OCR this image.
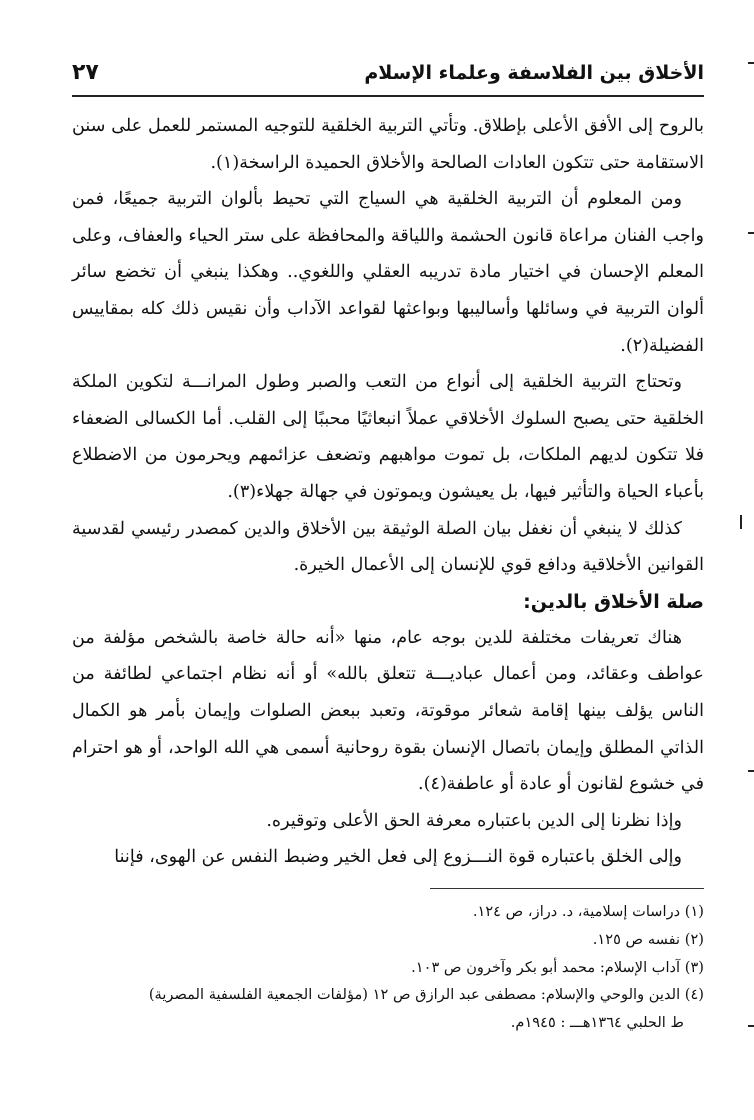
الأخلاق بين الفلاسفة وعلماء الإسلام
٢٧

بالروح إلى الأفق الأعلى بإطلاق. وتأتي التربية الخلقية للتوجيه المستمر للعمل على سنن الاستقامة حتى تتكون العادات الصالحة والأخلاق الحميدة الراسخة(١).

ومن المعلوم أن التربية الخلقية هي السياج التي تحيط بألوان التربية جميعًا، فمن واجب الفنان مراعاة قانون الحشمة واللياقة والمحافظة على ستر الحياء والعفاف، وعلى المعلم الإحسان في اختيار مادة تدريبه العقلي واللغوي.. وهكذا ينبغي أن تخضع سائر ألوان التربية في وسائلها وأساليبها وبواعثها لقواعد الآداب وأن نقيس ذلك كله بمقاييس الفضيلة(٢).

وتحتاج التربية الخلقية إلى أنواع من التعب والصبر وطول المرانـــة لتكوين الملكة الخلقية حتى يصبح السلوك الأخلاقي عملاً انبعاثيًا محببًا إلى القلب. أما الكسالى الضعفاء فلا تتكون لديهم الملكات، بل تموت مواهبهم وتضعف عزائمهم ويحرمون من الاضطلاع بأعباء الحياة والتأثير فيها، بل يعيشون ويموتون في جهالة جهلاء(٣).

كذلك لا ينبغي أن نغفل بيان الصلة الوثيقة بين الأخلاق والدين كمصدر رئيسي لقدسية القوانين الأخلاقية ودافع قوي للإنسان إلى الأعمال الخيرة.

صلة الأخلاق بالدين:

هناك تعريفات مختلفة للدين بوجه عام، منها «أنه حالة خاصة بالشخص مؤلفة من عواطف وعقائد، ومن أعمال عباديـــة تتعلق بالله» أو أنه نظام اجتماعي لطائفة من الناس يؤلف بينها إقامة شعائر موقوتة، وتعبد ببعض الصلوات وإيمان بأمر هو الكمال الذاتي المطلق وإيمان باتصال الإنسان بقوة روحانية أسمى هي الله الواحد، أو هو احترام في خشوع لقانون أو عادة أو عاطفة(٤).

وإذا نظرنا إلى الدين باعتباره معرفة الحق الأعلى وتوقيره.

وإلى الخلق باعتباره قوة النـــزوع إلى فعل الخير وضبط النفس عن الهوى، فإننا

(١) دراسات إسلامية، د. دراز، ص ١٢٤.

(٢) نفسه ص ١٢٥.

(٣) آداب الإسلام: محمد أبو بكر وآخرون ص ١٠٣.

(٤) الدين والوحي والإسلام: مصطفى عبد الرازق ص ١٢ (مؤلفات الجمعية الفلسفية المصرية)

ط الحلبي ١٣٦٤هـــ : ١٩٤٥م.
